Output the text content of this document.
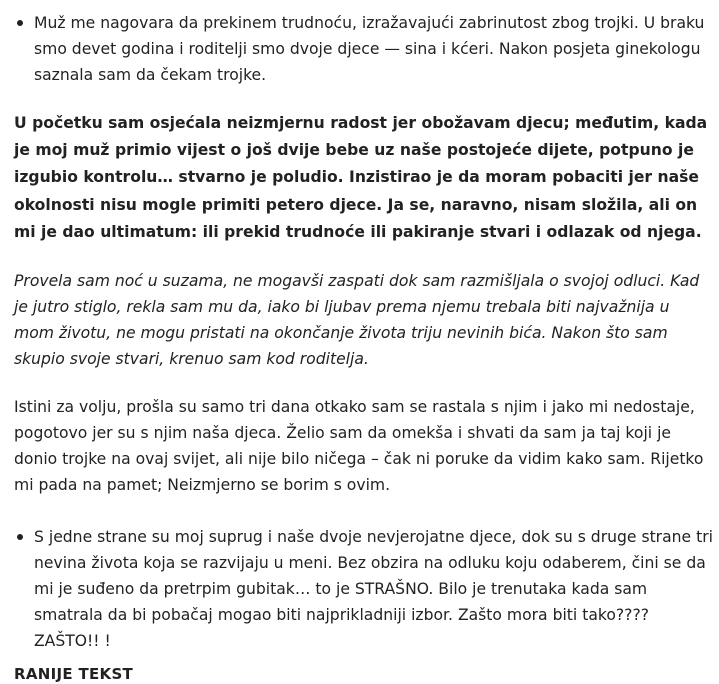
Muž me nagovara da prekinem trudnoću, izražavajući zabrinutost zbog trojki. U braku smo devet godina i roditelji smo dvoje djece — sina i kćeri. Nakon posjeta ginekologu saznala sam da čekam trojke.

U početku sam osjećala neizmjernu radost jer obožavam djecu; međutim, kada je moj muž primio vijest o još dvije bebe uz naše postojeće dijete, potpuno je izgubio kontrolu… stvarno je poludio. Inzistirao je da moram pobaciti jer naše okolnosti nisu mogle primiti petero djece. Ja se, naravno, nisam složila, ali on mi je dao ultimatum: ili prekid trudnoće ili pakiranje stvari i odlazak od njega.

Provela sam noć u suzama, ne mogavši zaspati dok sam razmišljala o svojoj odluci. Kad je jutro stiglo, rekla sam mu da, iako bi ljubav prema njemu trebala biti najvažnija u mom životu, ne mogu pristati na okončanje života triju nevinih bića. Nakon što sam skupio svoje stvari, krenuo sam kod roditelja.

Istini za volju, prošla su samo tri dana otkako sam se rastala s njim i jako mi nedostaje, pogotovo jer su s njim naša djeca. Želio sam da omekša i shvati da sam ja taj koji je donio trojke na ovaj svijet, ali nije bilo ničega – čak ni poruke da vidim kako sam. Rijetko mi pada na pamet; Neizmjerno se borim s ovim.

S jedne strane su moj suprug i naše dvoje nevjerojatne djece, dok su s druge strane tri nevina života koja se razvijaju u meni. Bez obzira na odluku koju odaberem, čini se da mi je suđeno da pretrpim gubitak… to je STRAŠNO. Bilo je trenutaka kada sam smatrala da bi pobačaj mogao biti najprikladniji izbor. Zašto mora biti tako???? ZAŠTO!! !
RANIJE TEKST
